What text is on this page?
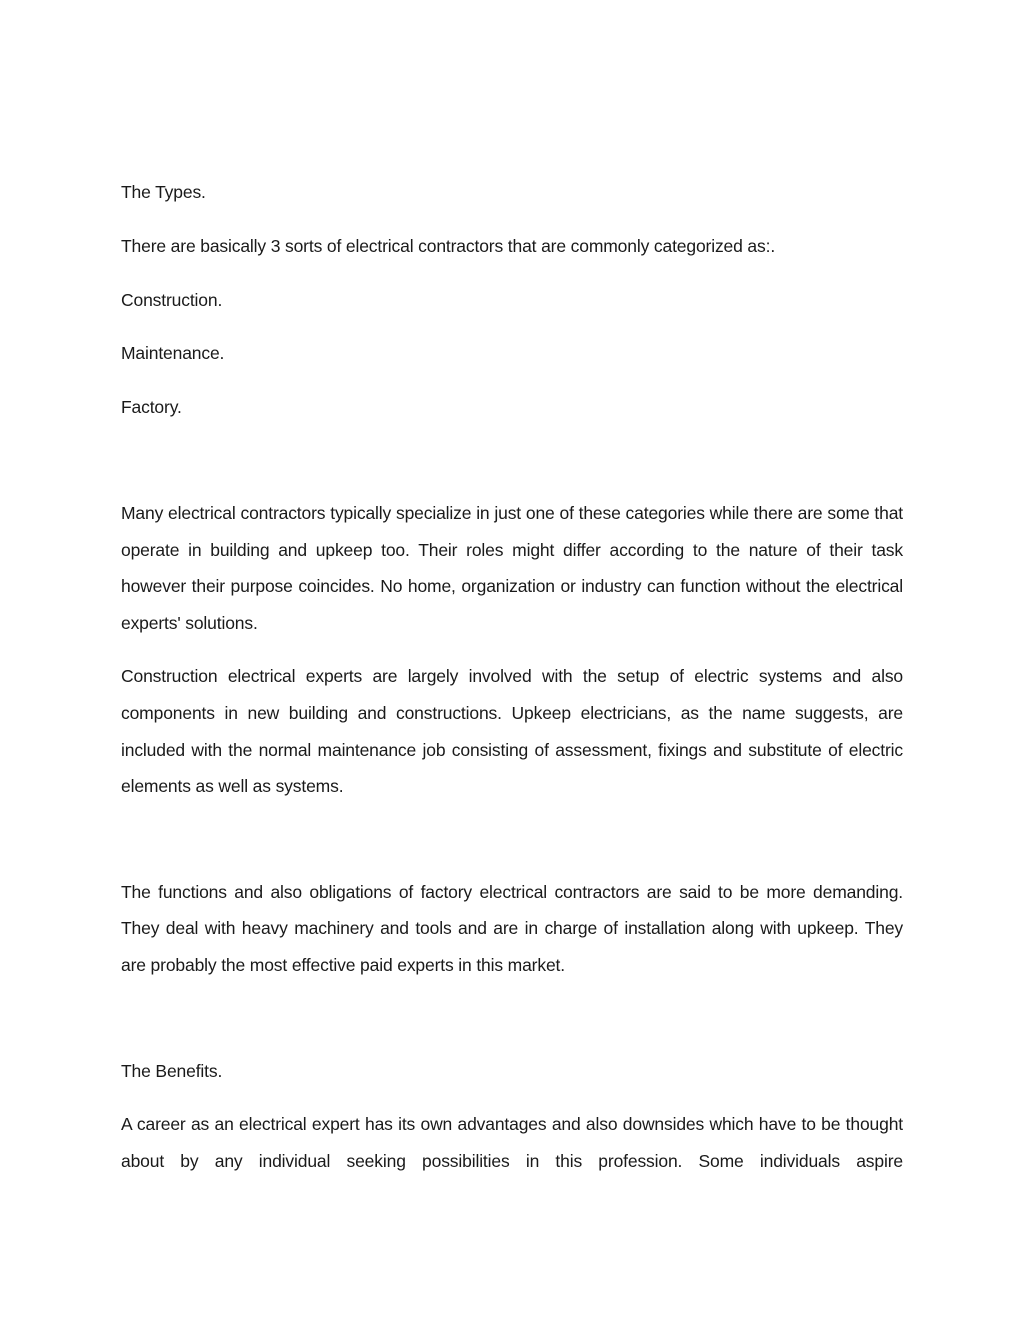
The Types.

There are basically 3 sorts of electrical contractors that are commonly categorized as:.

Construction.

Maintenance.

Factory.

Many electrical contractors typically specialize in just one of these categories while there are some that operate in building and upkeep too. Their roles might differ according to the nature of their task however their purpose coincides. No home, organization or industry can function without the electrical experts' solutions.

Construction electrical experts are largely involved with the setup of electric systems and also components in new building and constructions. Upkeep electricians, as the name suggests, are included with the normal maintenance job consisting of assessment, fixings and substitute of electric elements as well as systems.

The functions and also obligations of factory electrical contractors are said to be more demanding. They deal with heavy machinery and tools and are in charge of installation along with upkeep. They are probably the most effective paid experts in this market.

The Benefits.

A career as an electrical expert has its own advantages and also downsides which have to be thought about by any individual seeking possibilities in this profession. Some individuals aspire
